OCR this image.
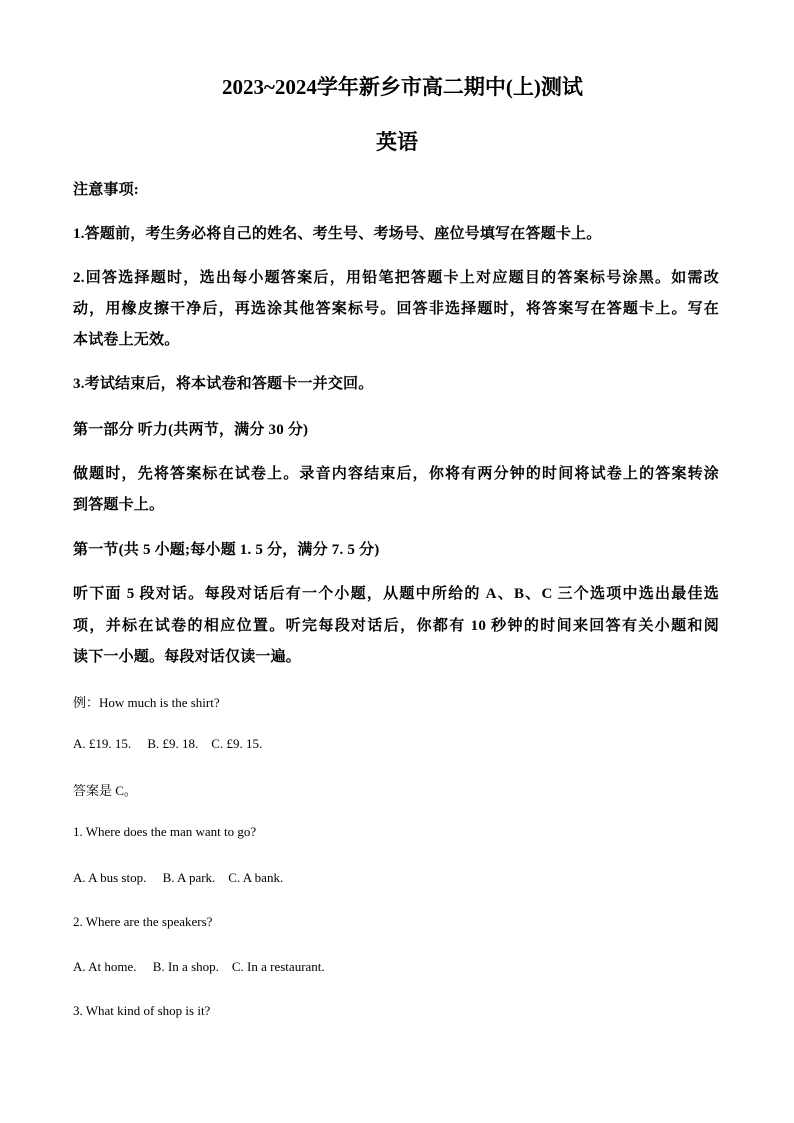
2023~2024学年新乡市高二期中(上)测试
英语

注意事项:

1.答题前，考生务必将自己的姓名、考生号、考场号、座位号填写在答题卡上。

2.回答选择题时，选出每小题答案后，用铅笔把答题卡上对应题目的答案标号涂黑。如需改

动，用橡皮擦干净后，再选涂其他答案标号。回答非选择题时，将答案写在答题卡上。写在

本试卷上无效。

3.考试结束后，将本试卷和答题卡一并交回。

第一部分 听力(共两节，满分 30 分)

做题时，先将答案标在试卷上。录音内容结束后，你将有两分钟的时间将试卷上的答案转涂

到答题卡上。

第一节(共 5 小题;每小题 1. 5 分，满分 7. 5 分)

听下面 5 段对话。每段对话后有一个小题，从题中所给的 A、B、C 三个选项中选出最佳选

项，并标在试卷的相应位置。听完每段对话后，你都有 10 秒钟的时间来回答有关小题和阅

读下一小题。每段对话仅读一遍。

例：How much is the shirt?

A. £19. 15.     B. £9. 18.    C. £9. 15.

答案是 C。

1. Where does the man want to go?

A. A bus stop.     B. A park.    C. A bank.

2. Where are the speakers?

A. At home.     B. In a shop.    C. In a restaurant.

3. What kind of shop is it?
